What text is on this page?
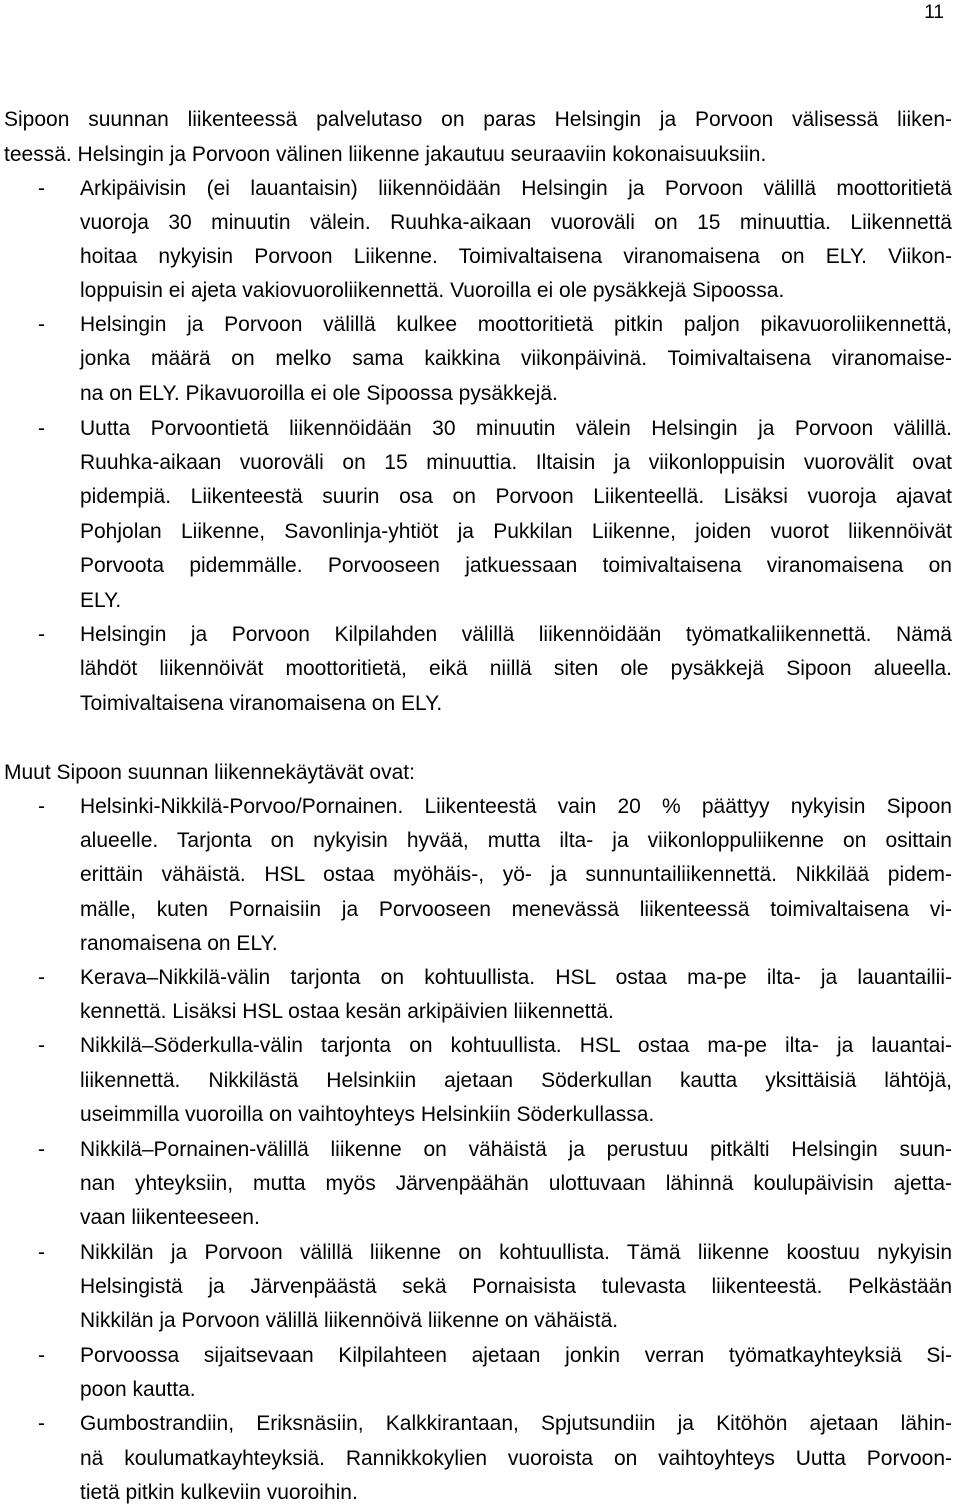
11
Sipoon suunnan liikenteessä palvelutaso on paras Helsingin ja Porvoon välisessä liiken-
teessä. Helsingin ja Porvoon välinen liikenne jakautuu seuraaviin kokonaisuuksiin.
- Arkipäivisin (ei lauantaisin) liikennöidään Helsingin ja Porvoon välillä moottoritietä
vuoroja 30 minuutin välein. Ruuhka-aikaan vuoroväli on 15 minuuttia. Liikennettä
hoitaa nykyisin Porvoon Liikenne. Toimivaltaisena viranomaisena on ELY. Viikon-
loppuisin ei ajeta vakiovuoroliikennettä. Vuoroilla ei ole pysäkkejä Sipoossa.
- Helsingin ja Porvoon välillä kulkee moottoritietä pitkin paljon pikavuoroliikennettä,
jonka määrä on melko sama kaikkina viikonpäivinä. Toimivaltaisena viranomaise-
na on ELY. Pikavuoroilla ei ole Sipoossa pysäkkejä.
- Uutta Porvoontietä liikennöidään 30 minuutin välein Helsingin ja Porvoon välillä.
Ruuhka-aikaan vuoroväli on 15 minuuttia. Iltaisin ja viikonloppuisin vuorovälit ovat
pidempiä. Liikenteestä suurin osa on Porvoon Liikenteellä. Lisäksi vuoroja ajavat
Pohjolan Liikenne, Savonlinja-yhtiöt ja Pukkilan Liikenne, joiden vuorot liikennöivät
Porvoota pidemmälle. Porvooseen jatkuessaan toimivaltaisena viranomaisena on
ELY.
- Helsingin ja Porvoon Kilpilahden välillä liikennöidään työmatkaliikennettä. Nämä
lähdöt liikennöivät moottoritietä, eikä niillä siten ole pysäkkejä Sipoon alueella.
Toimivaltaisena viranomaisena on ELY.
Muut Sipoon suunnan liikennekäytävät ovat:
- Helsinki-Nikkilä-Porvoo/Pornainen. Liikenteestä vain 20 % päättyy nykyisin Sipoon
alueelle. Tarjonta on nykyisin hyvää, mutta ilta- ja viikonloppuliikenne on osittain
erittäin vähäistä. HSL ostaa myöhäis-, yö- ja sunnuntailiikennettä. Nikkilää pidem-
mälle, kuten Pornaisiin ja Porvooseen menevässä liikenteessä toimivaltaisena vi-
ranomaisena on ELY.
- Kerava–Nikkilä-välin tarjonta on kohtuullista. HSL ostaa ma-pe ilta- ja lauantailii-
kennettä. Lisäksi HSL ostaa kesän arkipäivien liikennettä.
- Nikkilä–Söderkulla-välin tarjonta on kohtuullista. HSL ostaa ma-pe ilta- ja lauantai-
liikennettä. Nikkilästä Helsinkiin ajetaan Söderkullan kautta yksittäisiä lähtöjä,
useimmilla vuoroilla on vaihtoyhteys Helsinkiin Söderkullassa.
- Nikkilä–Pornainen-välillä liikenne on vähäistä ja perustuu pitkälti Helsingin suun-
nan yhteyksiin, mutta myös Järvenpäähän ulottuvaan lähinnä koulupäivisin ajetta-
vaan liikenteeseen.
- Nikkilän ja Porvoon välillä liikenne on kohtuullista. Tämä liikenne koostuu nykyisin
Helsingistä ja Järvenpäästä sekä Pornaisista tulevasta liikenteestä. Pelkästään
Nikkilän ja Porvoon välillä liikennöivä liikenne on vähäistä.
- Porvoossa sijaitsevaan Kilpilahteen ajetaan jonkin verran työmatkayhteyksiä Si-
poon kautta.
- Gumbostrandiin, Eriksnäsiin, Kalkkirantaan, Spjutsundiin ja Kitöhön ajetaan lähin-
nä koulumatkayhteyksiä. Rannikkokylien vuoroista on vaihtoyhteys Uutta Porvoon-
tietä pitkin kulkeviin vuoroihin.
